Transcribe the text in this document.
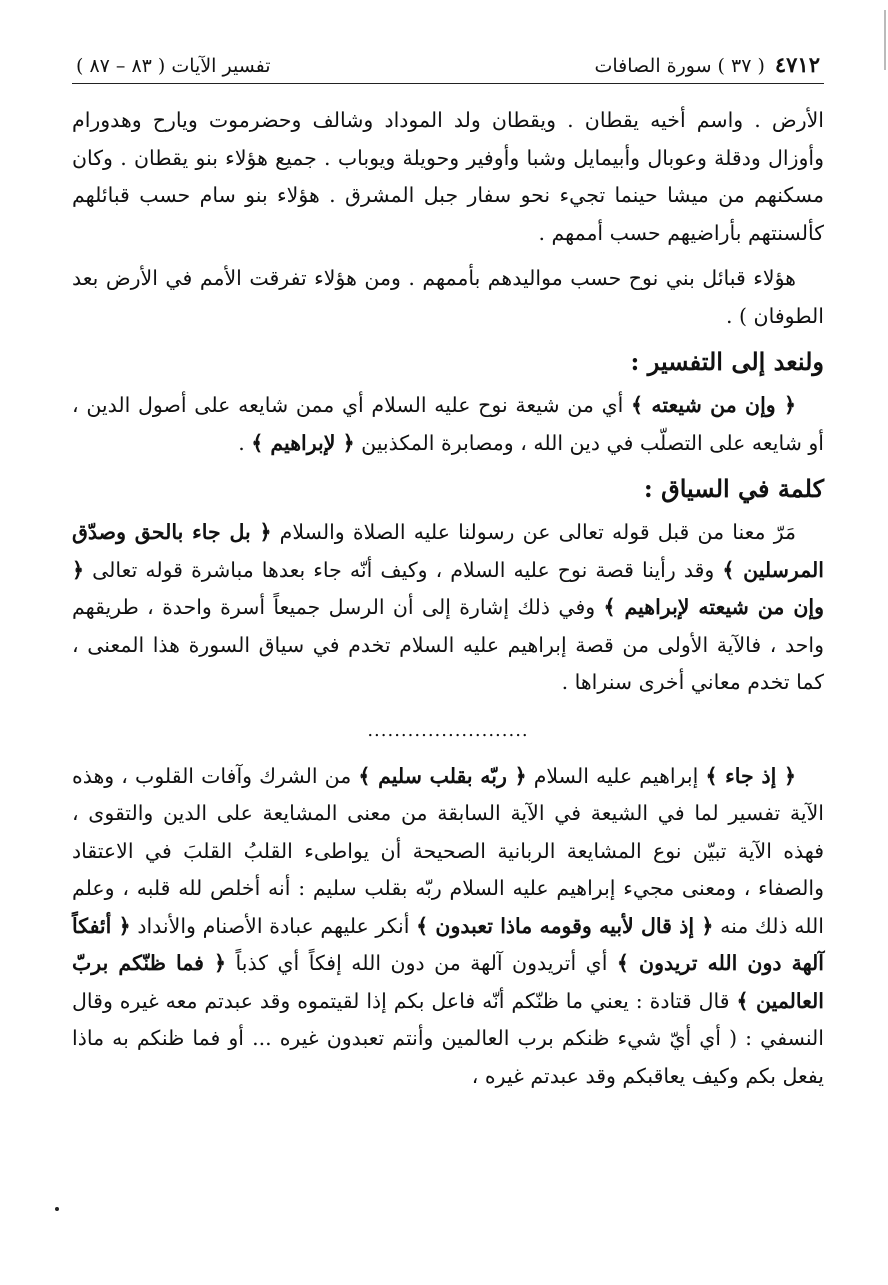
٤٧١٢
( ٣٧ ) سورة الصافات
تفسير الآيات ( ٨٣ – ٨٧ )

الأرض . واسم أخيه يقطان . ويقطان ولد الموداد وشالف وحضرموت ويارح وهدورام وأوزال ودقلة وعوبال وأبيمايل وشبا وأوفير وحويلة ويوباب . جميع هؤلاء بنو يقطان . وكان مسكنهم من ميشا حينما تجيء نحو سفار جبل المشرق . هؤلاء بنو سام حسب قبائلهم كألسنتهم بأراضيهم حسب أممهم .

هؤلاء قبائل بني نوح حسب مواليدهم بأممهم . ومن هؤلاء تفرقت الأمم في الأرض بعد الطوفان ) .

ولنعد إلى التفسير :

﴿ وإن من شيعته ﴾ أي من شيعة نوح عليه السلام أي ممن شايعه على أصول الدين ، أو شايعه على التصلّب في دين الله ، ومصابرة المكذبين ﴿ لإبراهيم ﴾ .

كلمة في السياق :

مَرّ معنا من قبل قوله تعالى عن رسولنا عليه الصلاة والسلام ﴿ بل جاء بالحق وصدّق المرسلين ﴾ وقد رأينا قصة نوح عليه السلام ، وكيف أنّه جاء بعدها مباشرة قوله تعالى ﴿ وإن من شيعته لإبراهيم ﴾ وفي ذلك إشارة إلى أن الرسل جميعاً أسرة واحدة ، طريقهم واحد ، فالآية الأولى من قصة إبراهيم عليه السلام تخدم في سياق السورة هذا المعنى ، كما تخدم معاني أخرى سنراها .

........................

﴿ إذ جاء ﴾ إبراهيم عليه السلام ﴿ ربّه بقلب سليم ﴾ من الشرك وآفات القلوب ، وهذه الآية تفسير لما في الشيعة في الآية السابقة من معنى المشايعة على الدين والتقوى ، فهذه الآية تبيّن نوع المشايعة الربانية الصحيحة أن يواطىء القلبُ القلبَ في الاعتقاد والصفاء ، ومعنى مجيء إبراهيم عليه السلام ربّه بقلب سليم : أنه أخلص لله قلبه ، وعلم الله ذلك منه ﴿ إذ قال لأبيه وقومه ماذا تعبدون ﴾ أنكر عليهم عبادة الأصنام والأنداد ﴿ أئفكاً آلهة دون الله تريدون ﴾ أي أتريدون آلهة من دون الله إفكاً أي كذباً ﴿ فما ظنّكم بربّ العالمين ﴾ قال قتادة : يعني ما ظنّكم أنّه فاعل بكم إذا لقيتموه وقد عبدتم معه غيره وقال النسفي : ( أي أيّ شيء ظنكم برب العالمين وأنتم تعبدون غيره ... أو فما ظنكم به ماذا يفعل بكم وكيف يعاقبكم وقد عبدتم غيره ،
